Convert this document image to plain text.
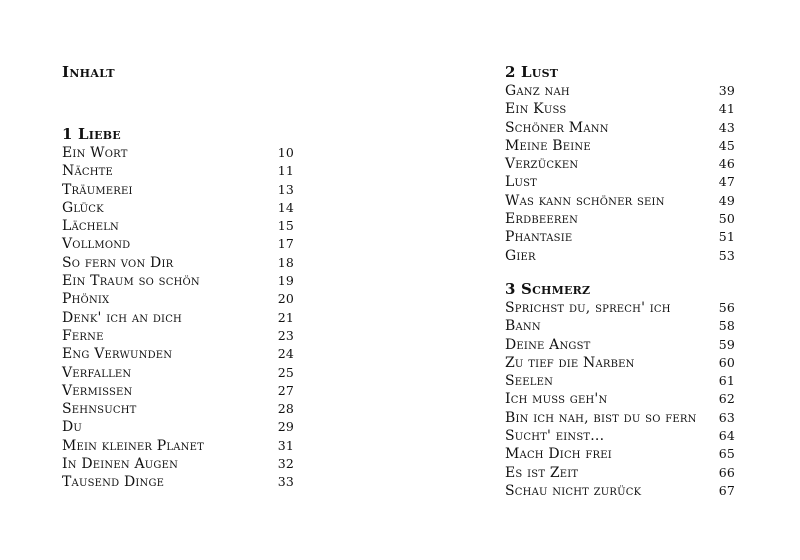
Inhalt
1 Liebe
Ein Wort	10
Nächte	11
Träumerei	13
Glück	14
Lächeln	15
Vollmond	17
So fern von Dir	18
Ein Traum so schön	19
Phönix	20
Denk' ich an dich	21
Ferne	23
Eng Verwunden	24
Verfallen	25
Vermissen	27
Sehnsucht	28
Du	29
Mein kleiner Planet	31
In Deinen Augen	32
Tausend Dinge	33
2 Lust
Ganz nah	39
Ein Kuss	41
Schöner Mann	43
Meine Beine	45
Verzücken	46
Lust	47
Was kann schöner sein	49
Erdbeeren	50
Phantasie	51
Gier	53
3 Schmerz
Sprichst du, sprech' ich	56
Bann	58
Deine Angst	59
Zu tief die Narben	60
Seelen	61
Ich muss geh'n	62
Bin ich nah, bist du so fern 63
Sucht' einst...	64
Mach Dich frei	65
Es ist Zeit	66
Schau nicht zurück	67
